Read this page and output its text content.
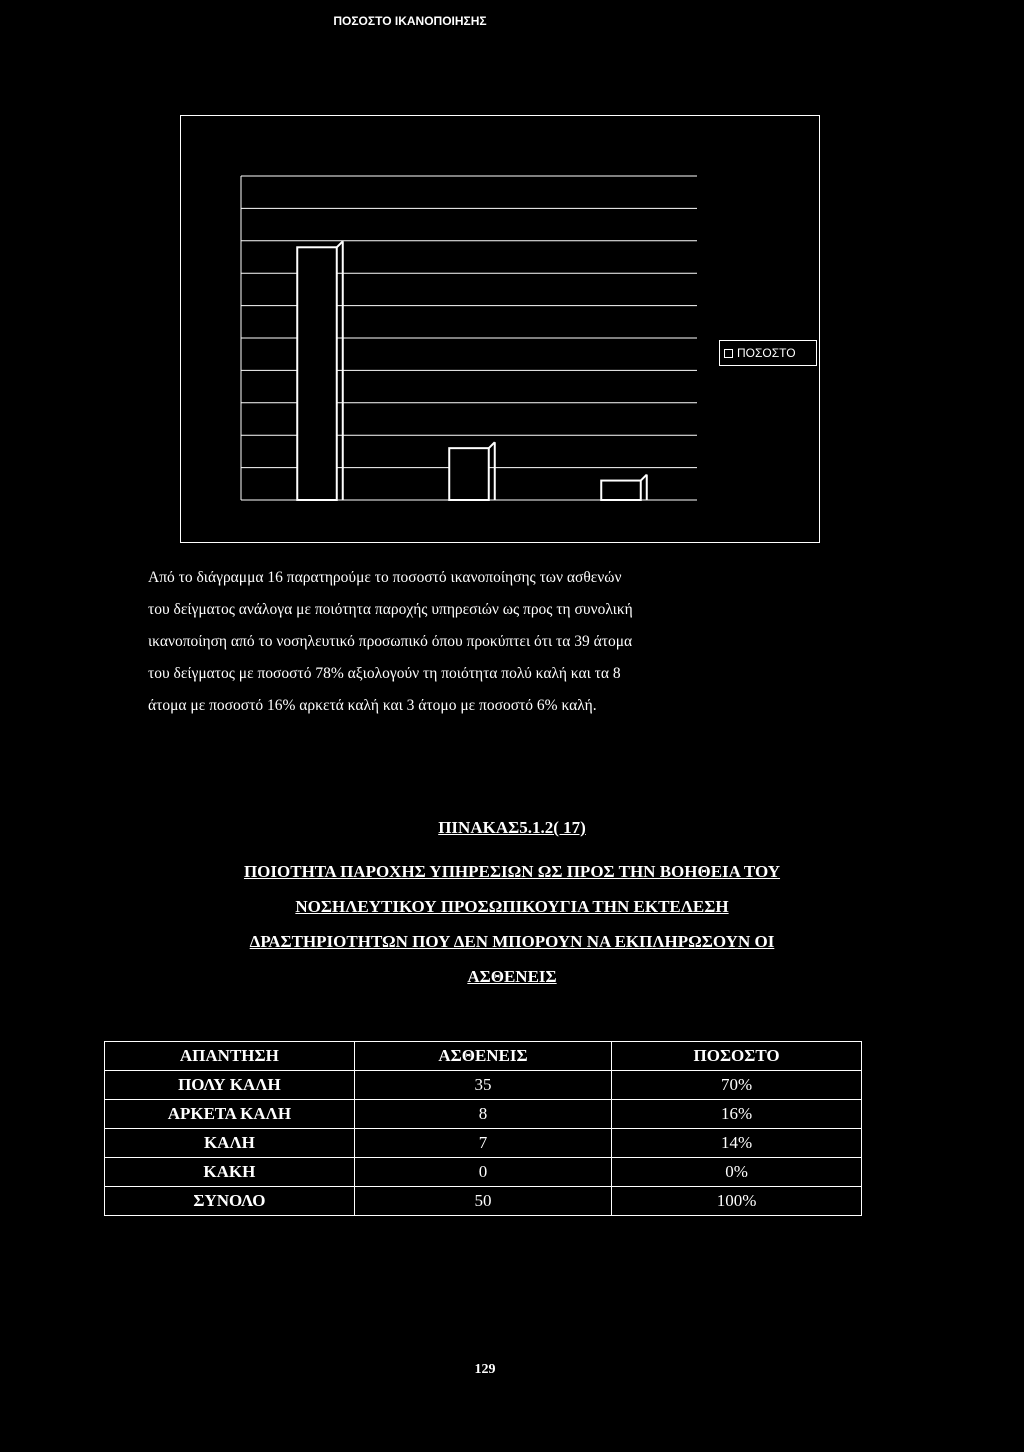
ΠΟΣΟΣΤΟ
ΠΟΣΟΣΤΟ ΙΚΑΝΟΠΟΙΗΣΗΣ
Από το διάγραμμα 16 παρατηρούμε το ποσοστό ικανοποίησης των ασθενών
του δείγματος ανάλογα με ποιότητα παροχής υπηρεσιών ως προς τη συνολική
ικανοποίηση από το νοσηλευτικό προσωπικό όπου προκύπτει ότι τα 39 άτομα
του δείγματος με ποσοστό 78% αξιολογούν τη ποιότητα πολύ καλή και τα 8
άτομα με ποσοστό 16% αρκετά καλή και 3 άτομο με ποσοστό 6% καλή.
ΠΙΝΑΚΑΣ5.1.2( 17)
ΠΟΙΟΤΗΤΑ ΠΑΡΟΧΗΣ ΥΠΗΡΕΣΙΩΝ ΩΣ ΠΡΟΣ ΤΗΝ ΒΟΗΘΕΙΑ ΤΟΥ
ΝΟΣΗΛΕΥΤΙΚΟΥ ΠΡΟΣΩΠΙΚΟΥΓΙΑ ΤΗΝ ΕΚΤΕΛΕΣΗ
ΔΡΑΣΤΗΡΙΟΤΗΤΩΝ ΠΟΥ ΔΕΝ ΜΠΟΡΟΥΝ ΝΑ ΕΚΠΛΗΡΩΣΟΥΝ ΟΙ
ΑΣΘΕΝΕΙΣ
ΑΠΑΝΤΗΣΗ	ΑΣΘΕΝΕΙΣ	ΠΟΣΟΣΤΟ
ΠΟΛΥ ΚΑΛΗ	35	70%
ΑΡΚΕΤΑ ΚΑΛΗ	8	16%
ΚΑΛΗ	7	14%
ΚΑΚΗ	0	0%
ΣΥΝΟΛΟ	50	100%
129
